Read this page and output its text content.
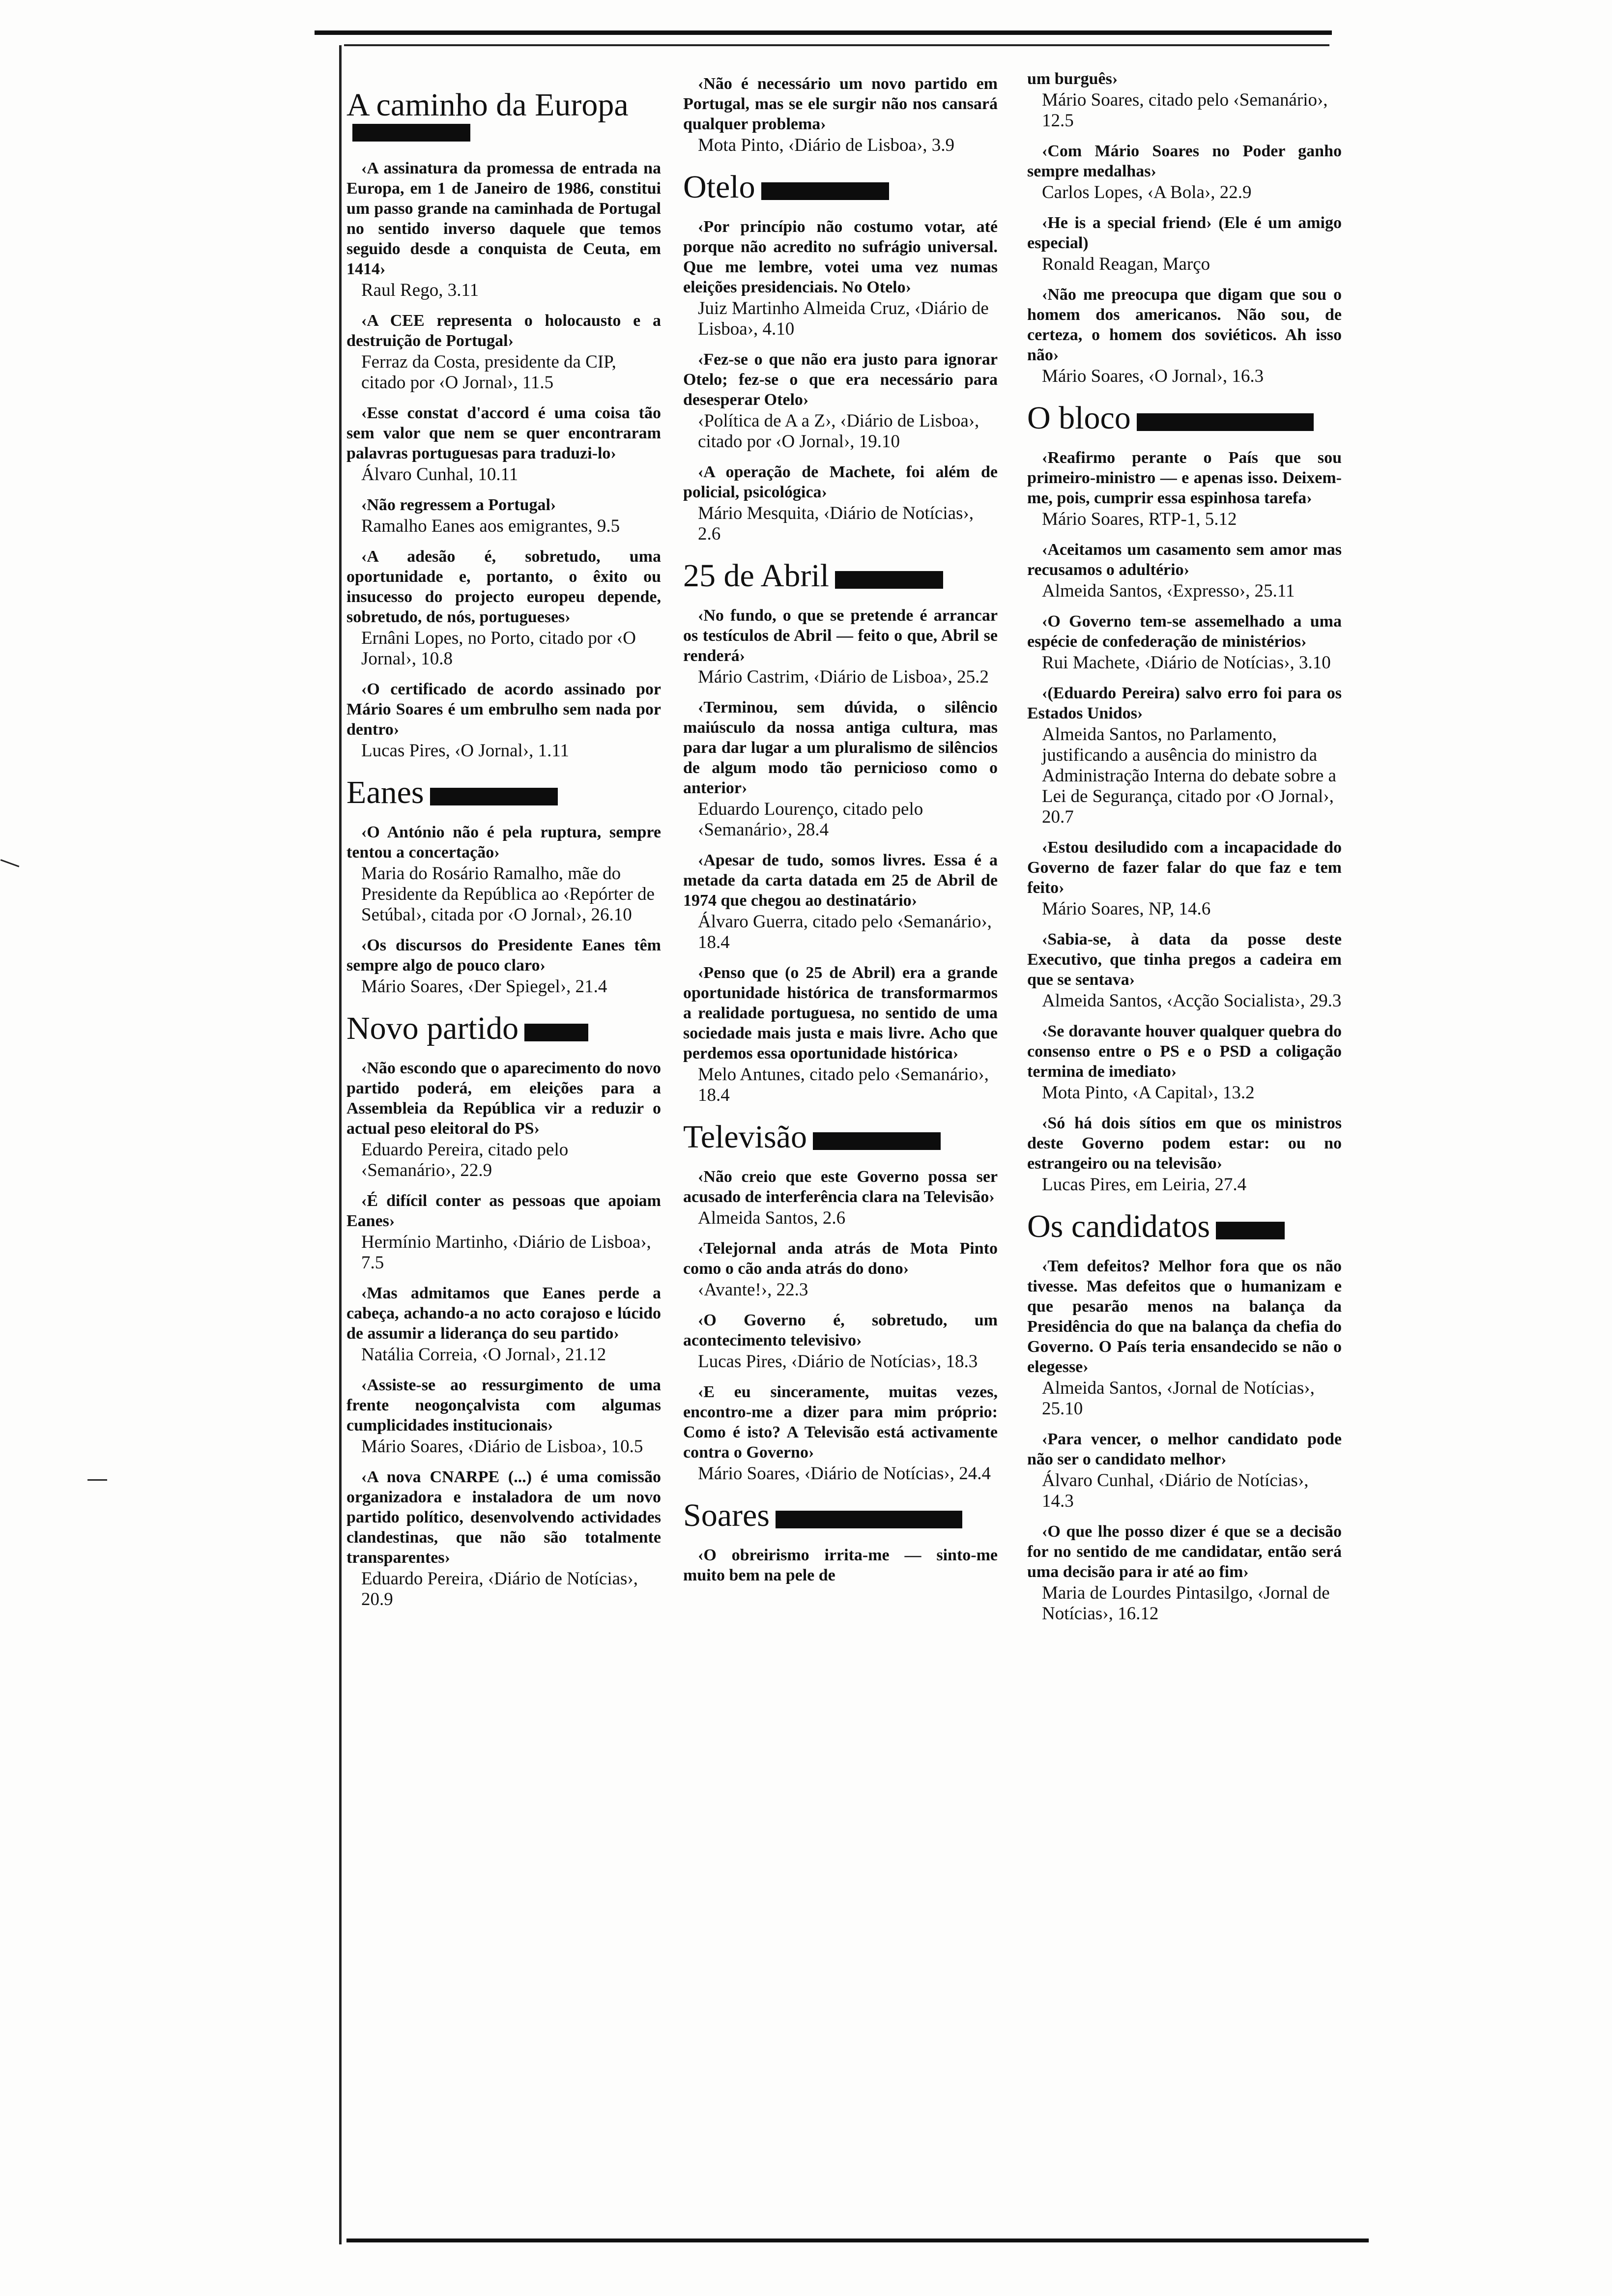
A caminho da Europa

‹A assinatura da promessa de entrada na Europa, em 1 de Janeiro de 1986, constitui um passo grande na caminhada de Portugal no sentido inverso daquele que temos seguido desde a conquista de Ceuta, em 1414›

Raul Rego, 3.11

‹A CEE representa o holocausto e a destruição de Portugal›

Ferraz da Costa, presidente da CIP, citado por ‹O Jornal›, 11.5

‹Esse constat d'accord é uma coisa tão sem valor que nem se quer encontraram palavras portuguesas para traduzi-lo›

Álvaro Cunhal, 10.11

‹Não regressem a Portugal›

Ramalho Eanes aos emigrantes, 9.5

‹A adesão é, sobretudo, uma oportunidade e, portanto, o êxito ou insucesso do projecto europeu depende, sobretudo, de nós, portugueses›

Ernâni Lopes, no Porto, citado por ‹O Jornal›, 10.8

‹O certificado de acordo assinado por Mário Soares é um embrulho sem nada por dentro›

Lucas Pires, ‹O Jornal›, 1.11

Eanes

‹O António não é pela ruptura, sempre tentou a concertação›

Maria do Rosário Ramalho, mãe do Presidente da República ao ‹Repórter de Setúbal›, citada por ‹O Jornal›, 26.10

‹Os discursos do Presidente Eanes têm sempre algo de pouco claro›

Mário Soares, ‹Der Spiegel›, 21.4

Novo partido

‹Não escondo que o aparecimento do novo partido poderá, em eleições para a Assembleia da República vir a reduzir o actual peso eleitoral do PS›

Eduardo Pereira, citado pelo ‹Semanário›, 22.9

‹É difícil conter as pessoas que apoiam Eanes›

Hermínio Martinho, ‹Diário de Lisboa›, 7.5

‹Mas admitamos que Eanes perde a cabeça, achando-a no acto corajoso e lúcido de assumir a liderança do seu partido›

Natália Correia, ‹O Jornal›, 21.12

‹Assiste-se ao ressurgimento de uma frente neogonçalvista com algumas cumplicidades institucionais›

Mário Soares, ‹Diário de Lisboa›, 10.5

‹A nova CNARPE (...) é uma comissão organizadora e instaladora de um novo partido político, desenvolvendo actividades clandestinas, que não são totalmente transparentes›

Eduardo Pereira, ‹Diário de Notícias›, 20.9

‹Não é necessário um novo partido em Portugal, mas se ele surgir não nos cansará qualquer problema›

Mota Pinto, ‹Diário de Lisboa›, 3.9

Otelo

‹Por princípio não costumo votar, até porque não acredito no sufrágio universal. Que me lembre, votei uma vez numas eleições presidenciais. No Otelo›

Juiz Martinho Almeida Cruz, ‹Diário de Lisboa›, 4.10

‹Fez-se o que não era justo para ignorar Otelo; fez-se o que era necessário para desesperar Otelo›

‹Política de A a Z›, ‹Diário de Lisboa›, citado por ‹O Jornal›, 19.10

‹A operação de Machete, foi além de policial, psicológica›

Mário Mesquita, ‹Diário de Notícias›, 2.6

25 de Abril

‹No fundo, o que se pretende é arrancar os testículos de Abril — feito o que, Abril se renderá›

Mário Castrim, ‹Diário de Lisboa›, 25.2

‹Terminou, sem dúvida, o silêncio maiúsculo da nossa antiga cultura, mas para dar lugar a um pluralismo de silêncios de algum modo tão pernicioso como o anterior›

Eduardo Lourenço, citado pelo ‹Semanário›, 28.4

‹Apesar de tudo, somos livres. Essa é a metade da carta datada em 25 de Abril de 1974 que chegou ao destinatário›

Álvaro Guerra, citado pelo ‹Semanário›, 18.4

‹Penso que (o 25 de Abril) era a grande oportunidade histórica de transformarmos a realidade portuguesa, no sentido de uma sociedade mais justa e mais livre. Acho que perdemos essa oportunidade histórica›

Melo Antunes, citado pelo ‹Semanário›, 18.4

Televisão

‹Não creio que este Governo possa ser acusado de interferência clara na Televisão›

Almeida Santos, 2.6

‹Telejornal anda atrás de Mota Pinto como o cão anda atrás do dono›

‹Avante!›, 22.3

‹O Governo é, sobretudo, um acontecimento televisivo›

Lucas Pires, ‹Diário de Notícias›, 18.3

‹E eu sinceramente, muitas vezes, encontro-me a dizer para mim próprio: Como é isto? A Televisão está activamente contra o Governo›

Mário Soares, ‹Diário de Notícias›, 24.4

Soares

‹O obreirismo irrita-me — sinto-me muito bem na pele de

um burguês›

Mário Soares, citado pelo ‹Semanário›, 12.5

‹Com Mário Soares no Poder ganho sempre medalhas›

Carlos Lopes, ‹A Bola›, 22.9

‹He is a special friend› (Ele é um amigo especial)

Ronald Reagan, Março

‹Não me preocupa que digam que sou o homem dos americanos. Não sou, de certeza, o homem dos soviéticos. Ah isso não›

Mário Soares, ‹O Jornal›, 16.3

O bloco

‹Reafirmo perante o País que sou primeiro-ministro — e apenas isso. Deixem-me, pois, cumprir essa espinhosa tarefa›

Mário Soares, RTP-1, 5.12

‹Aceitamos um casamento sem amor mas recusamos o adultério›

Almeida Santos, ‹Expresso›, 25.11

‹O Governo tem-se assemelhado a uma espécie de confederação de ministérios›

Rui Machete, ‹Diário de Notícias›, 3.10

‹(Eduardo Pereira) salvo erro foi para os Estados Unidos›

Almeida Santos, no Parlamento, justificando a ausência do ministro da Administração Interna do debate sobre a Lei de Segurança, citado por ‹O Jornal›, 20.7

‹Estou desiludido com a incapacidade do Governo de fazer falar do que faz e tem feito›

Mário Soares, NP, 14.6

‹Sabia-se, à data da posse deste Executivo, que tinha pregos a cadeira em que se sentava›

Almeida Santos, ‹Acção Socialista›, 29.3

‹Se doravante houver qualquer quebra do consenso entre o PS e o PSD a coligação termina de imediato›

Mota Pinto, ‹A Capital›, 13.2

‹Só há dois sítios em que os ministros deste Governo podem estar: ou no estrangeiro ou na televisão›

Lucas Pires, em Leiria, 27.4

Os candidatos

‹Tem defeitos? Melhor fora que os não tivesse. Mas defeitos que o humanizam e que pesarão menos na balança da Presidência do que na balança da chefia do Governo. O País teria ensandecido se não o elegesse›

Almeida Santos, ‹Jornal de Notícias›, 25.10

‹Para vencer, o melhor candidato pode não ser o candidato melhor›

Álvaro Cunhal, ‹Diário de Notícias›, 14.3

‹O que lhe posso dizer é que se a decisão for no sentido de me candidatar, então será uma decisão para ir até ao fim›

Maria de Lourdes Pintasilgo, ‹Jornal de Notícias›, 16.12
